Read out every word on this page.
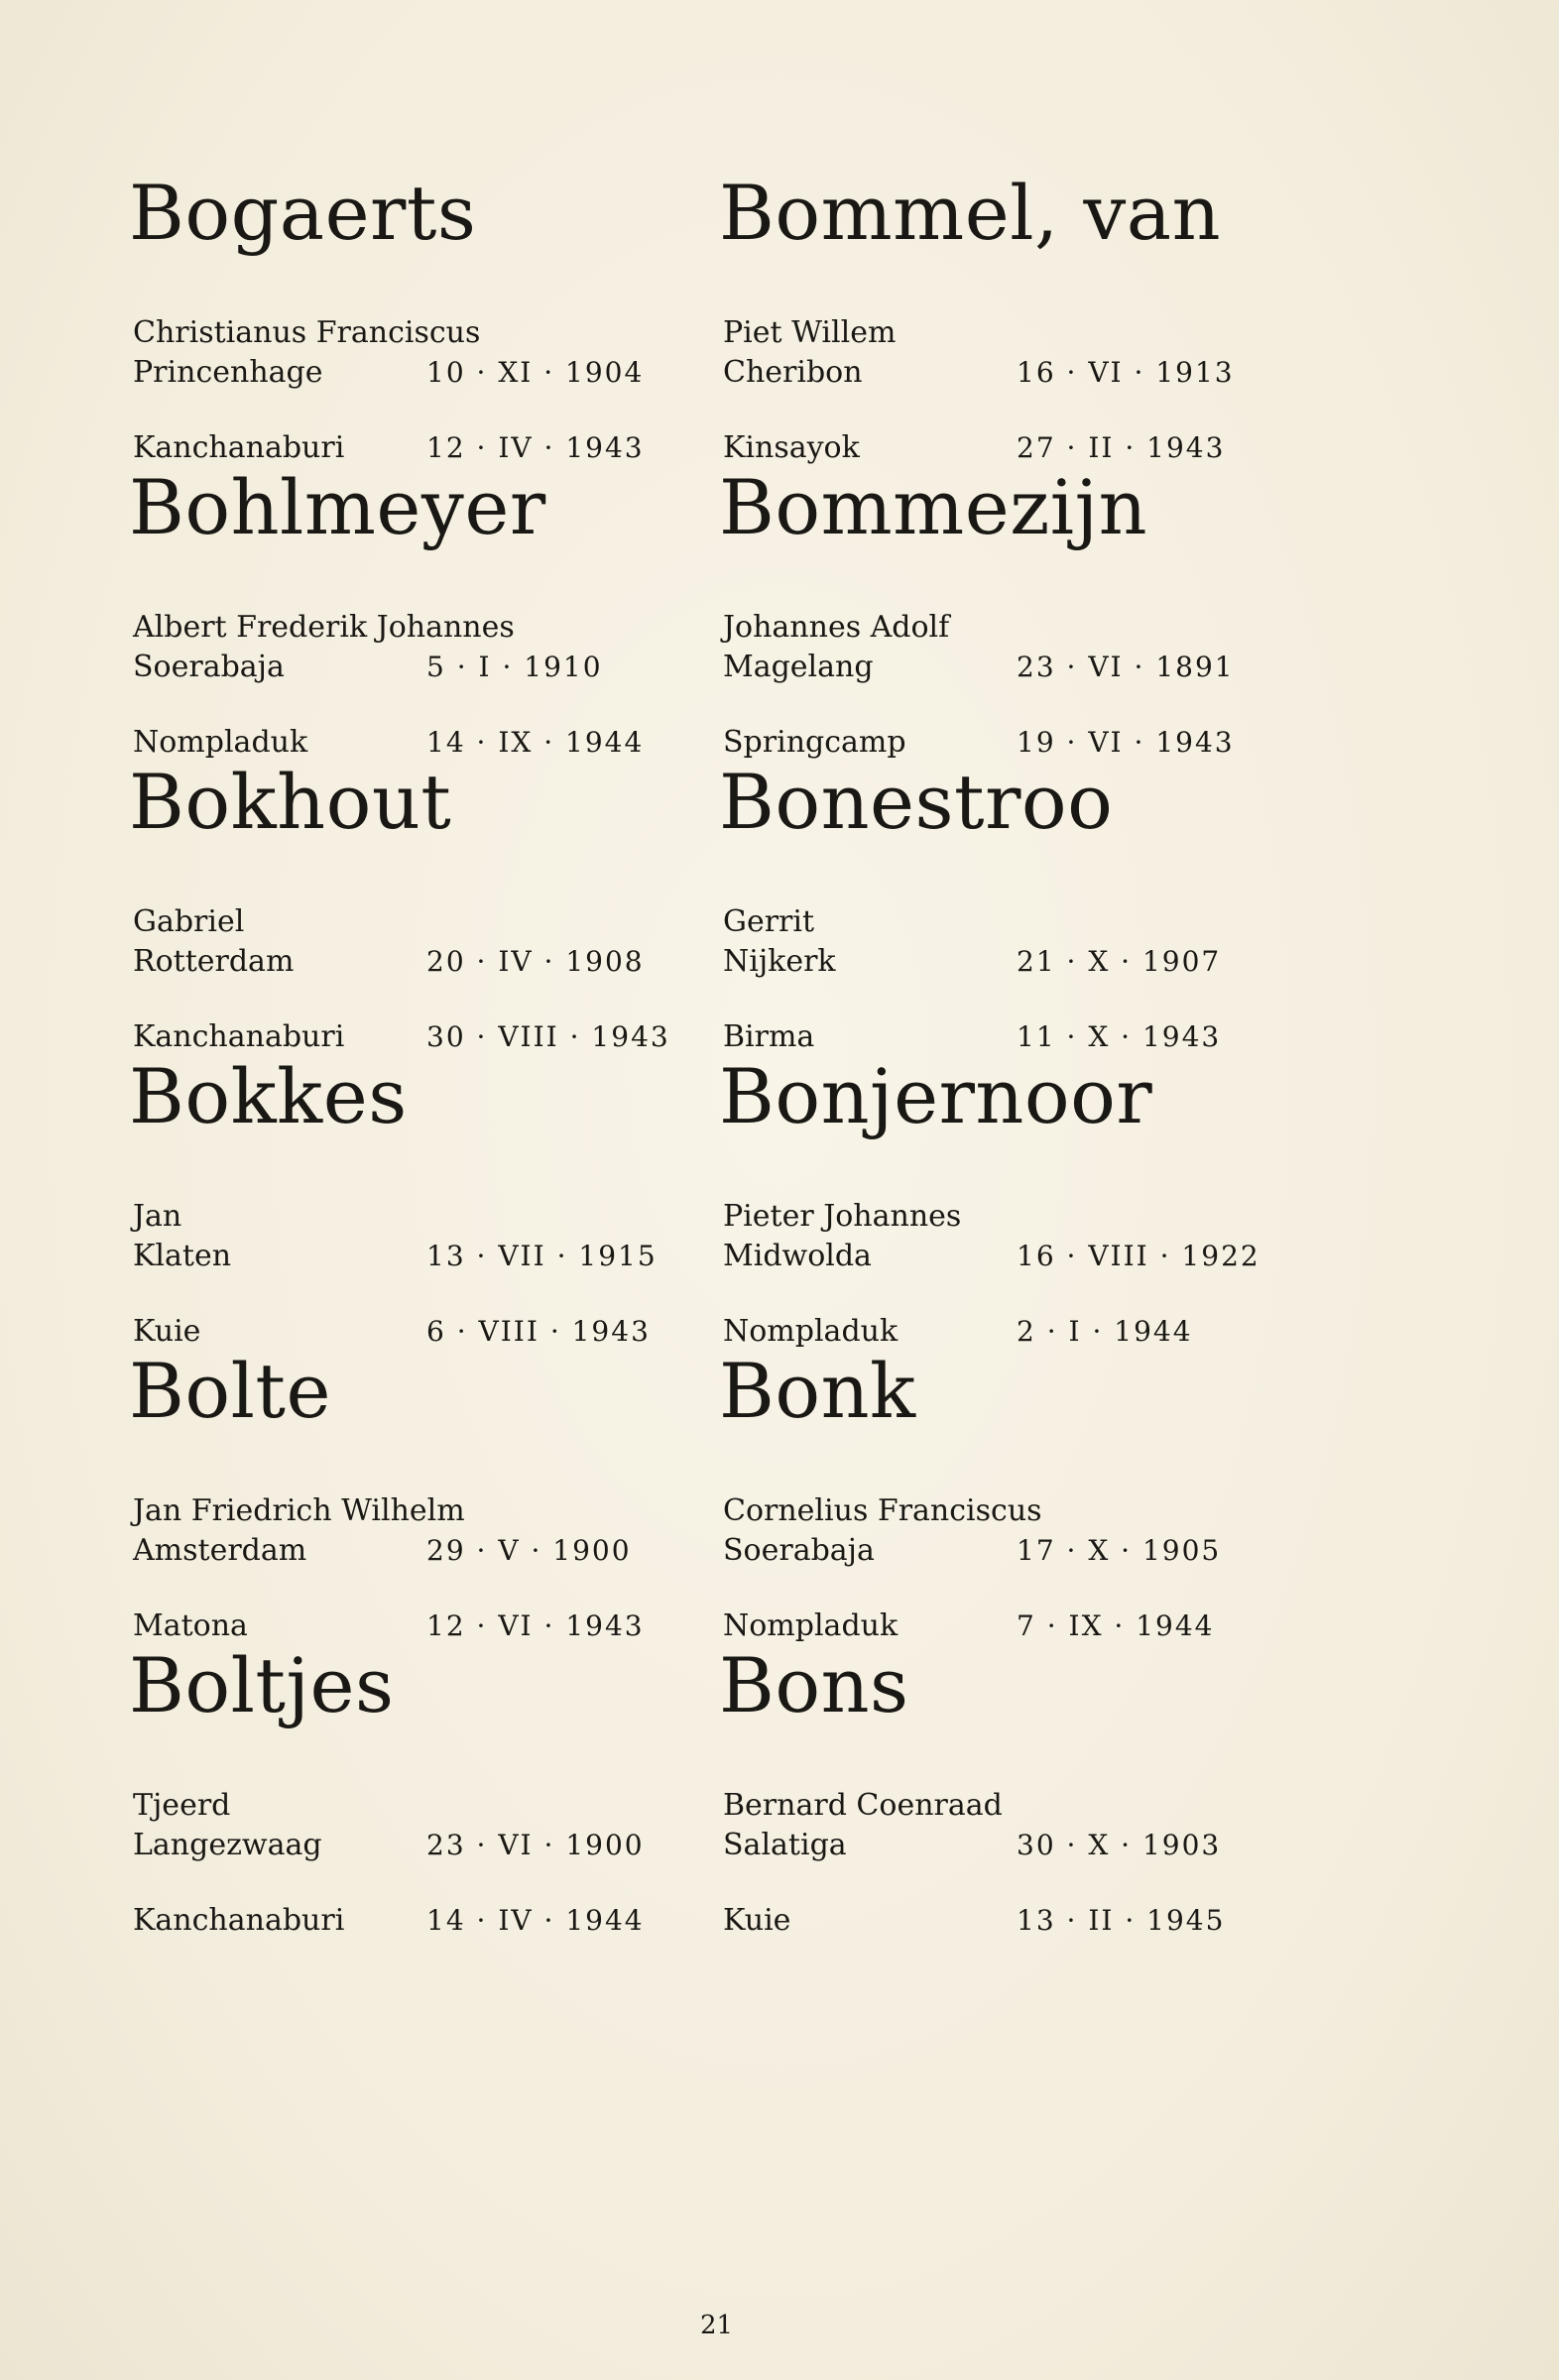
Bogaerts
Christianus Franciscus
Princenhage	10 · XI · 1904
Kanchanaburi	12 · IV · 1943
Bohlmeyer
Albert Frederik Johannes
Soerabaja	5 · I · 1910
Nompladuk	14 · IX · 1944
Bokhout
Gabriel
Rotterdam	20 · IV · 1908
Kanchanaburi	30 · VIII · 1943
Bokkes
Jan
Klaten	13 · VII · 1915
Kuie	6 · VIII · 1943
Bolte
Jan Friedrich Wilhelm
Amsterdam	29 · V · 1900
Matona	12 · VI · 1943
Boltjes
Tjeerd
Langezwaag	23 · VI · 1900
Kanchanaburi	14 · IV · 1944
Bommel, van
Piet Willem
Cheribon	16 · VI · 1913
Kinsayok	27 · II · 1943
Bommezijn
Johannes Adolf
Magelang	23 · VI · 1891
Springcamp	19 · VI · 1943
Bonestroo
Gerrit
Nijkerk	21 · X · 1907
Birma	11 · X · 1943
Bonjernoor
Pieter Johannes
Midwolda	16 · VIII · 1922
Nompladuk	2 · I · 1944
Bonk
Cornelius Franciscus
Soerabaja	17 · X · 1905
Nompladuk	7 · IX · 1944
Bons
Bernard Coenraad
Salatiga	30 · X · 1903
Kuie	13 · II · 1945
21
